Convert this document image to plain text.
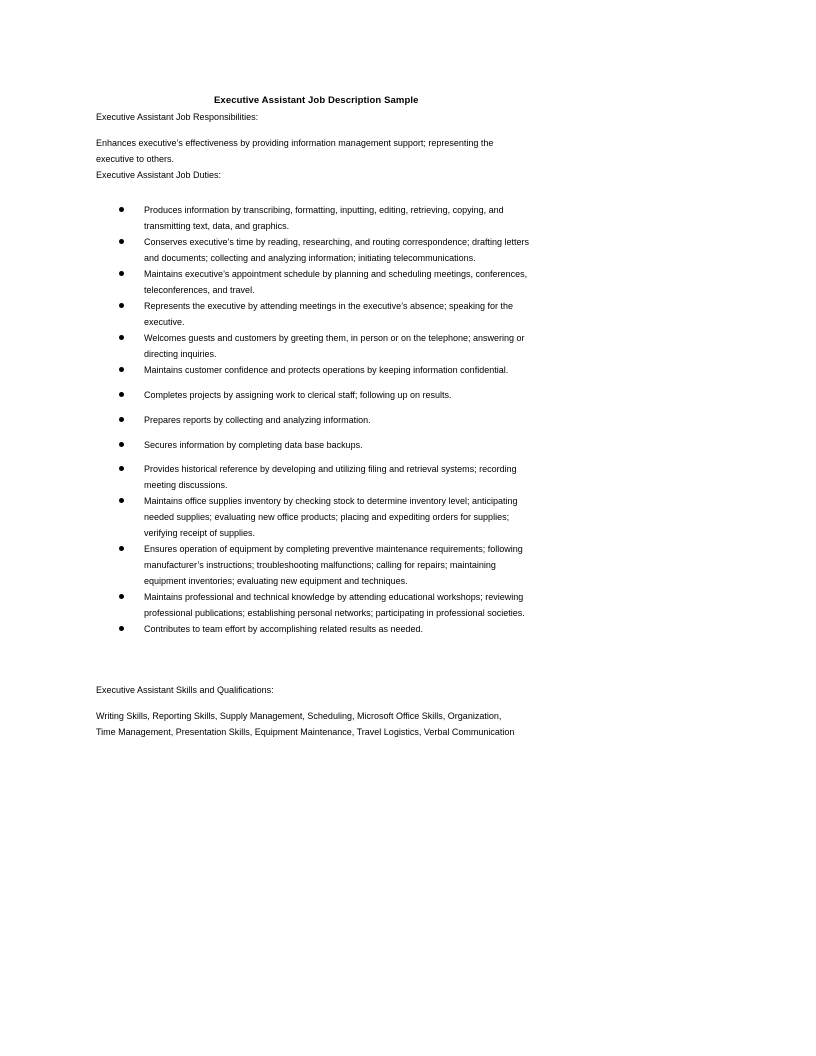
Executive Assistant Job Description Sample
Executive Assistant Job Responsibilities:
Enhances executive’s effectiveness by providing information management support; representing the executive to others.
Executive Assistant Job Duties:
Produces information by transcribing, formatting, inputting, editing, retrieving, copying, and transmitting text, data, and graphics.
Conserves executive’s time by reading, researching, and routing correspondence; drafting letters and documents; collecting and analyzing information; initiating telecommunications.
Maintains executive’s appointment schedule by planning and scheduling meetings, conferences, teleconferences, and travel.
Represents the executive by attending meetings in the executive’s absence; speaking for the executive.
Welcomes guests and customers by greeting them, in person or on the telephone; answering or directing inquiries.
Maintains customer confidence and protects operations by keeping information confidential.
Completes projects by assigning work to clerical staff; following up on results.
Prepares reports by collecting and analyzing information.
Secures information by completing data base backups.
Provides historical reference by developing and utilizing filing and retrieval systems; recording meeting discussions.
Maintains office supplies inventory by checking stock to determine inventory level; anticipating needed supplies; evaluating new office products; placing and expediting orders for supplies; verifying receipt of supplies.
Ensures operation of equipment by completing preventive maintenance requirements; following manufacturer’s instructions; troubleshooting malfunctions; calling for repairs; maintaining equipment inventories; evaluating new equipment and techniques.
Maintains professional and technical knowledge by attending educational workshops; reviewing professional publications; establishing personal networks; participating in professional societies.
Contributes to team effort by accomplishing related results as needed.
Executive Assistant Skills and Qualifications:
Writing Skills, Reporting Skills, Supply Management, Scheduling, Microsoft Office Skills, Organization, Time Management, Presentation Skills, Equipment Maintenance, Travel Logistics, Verbal Communication
